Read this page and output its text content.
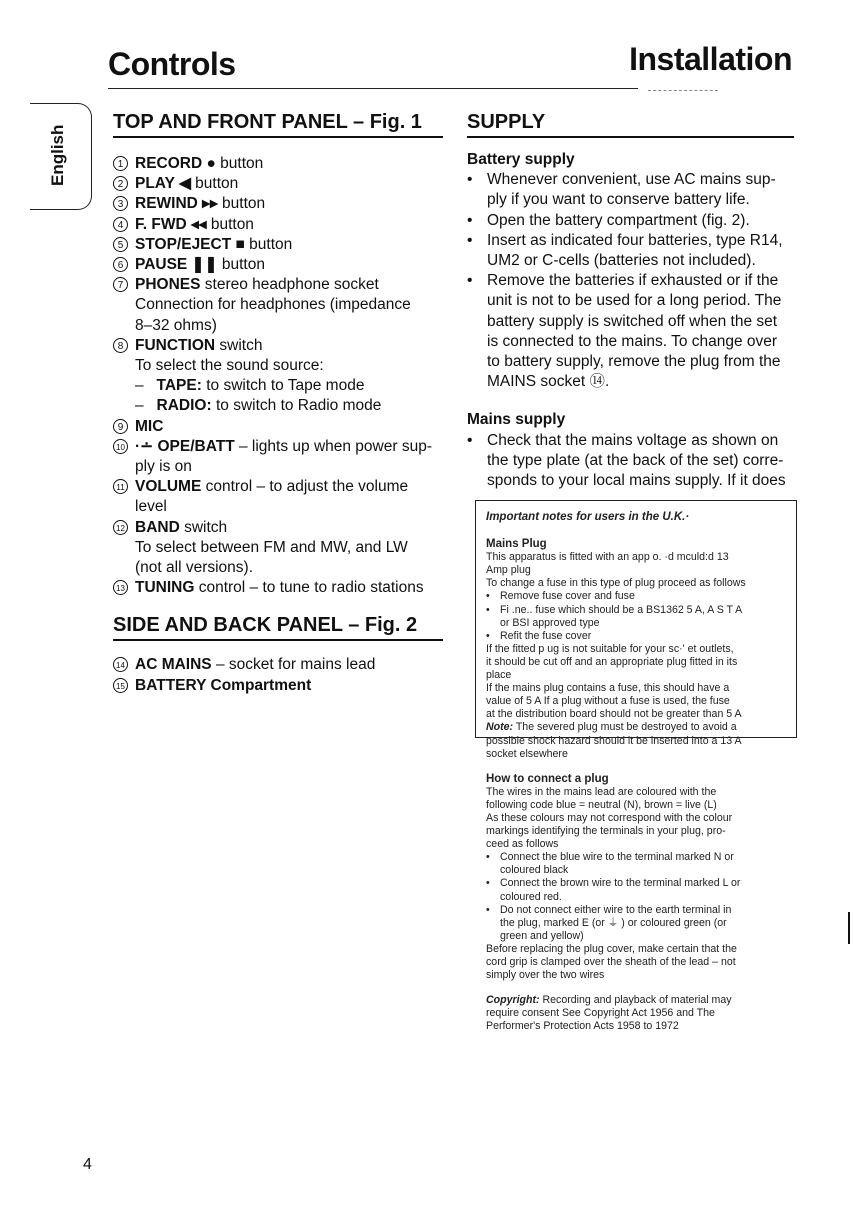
Controls	Installation
English
TOP AND FRONT PANEL – Fig. 1
1 RECORD ● button
2 PLAY ◀ button
3 REWIND ▸▸ button
4 F. FWD ◂◂ button
5 STOP/EJECT ■ button
6 PAUSE ❚❚ button
7 PHONES stereo headphone socket
Connection for headphones (impedance
8–32 ohms)
8 FUNCTION switch
To select the sound source:
–   TAPE: to switch to Tape mode
–   RADIO: to switch to Radio mode
9 MIC
10 ·∸ OPE/BATT – lights up when power sup-
ply is on
11 VOLUME control – to adjust the volume
level
12 BAND switch
To select between FM and MW, and LW
(not all versions).
13 TUNING control – to tune to radio stations
SIDE AND BACK PANEL – Fig. 2
14 AC MAINS – socket for mains lead
15 BATTERY Compartment
SUPPLY
Battery supply
• Whenever convenient, use AC mains sup-
ply if you want to conserve battery life.
• Open the battery compartment (fig. 2).
• Insert as indicated four batteries, type R14,
UM2 or C-cells (batteries not included).
• Remove the batteries if exhausted or if the
unit is not to be used for a long period. The
battery supply is switched off when the set
is connected to the mains. To change over
to battery supply, remove the plug from the
MAINS socket ⑭.
Mains supply
• Check that the mains voltage as shown on
the type plate (at the back of the set) corre-
sponds to your local mains supply. If it does
Important notes for users in the U.K.·
Mains Plug
This apparatus is fitted with an app o. ·d mculd:d 13
Amp plug
To change a fuse in this type of plug proceed as follows
• Remove fuse cover and fuse
• Fi .ne.. fuse which should be a BS1362 5 A, A S T A
or BSI approved type
• Refit the fuse cover
If the fitted p ug is not suitable for your sc·' et outlets,
it should be cut off and an appropriate plug fitted in its
place
If the mains plug contains a fuse, this should have a
value of 5 A If a plug without a fuse is used, the fuse
at the distribution board should not be greater than 5 A
Note: The severed plug must be destroyed to avoid a
possible shock hazard should it be inserted into a 13 A
socket elsewhere
How to connect a plug
The wires in the mains lead are coloured with the
following code blue = neutral (N), brown = live (L)
As these colours may not correspond with the colour
markings identifying the terminals in your plug, pro-
ceed as follows
• Connect the blue wire to the terminal marked N or
coloured black
• Connect the brown wire to the terminal marked L or
coloured red.
• Do not connect either wire to the earth terminal in
the plug, marked E (or ⏚ ) or coloured green (or
green and yellow)
Before replacing the plug cover, make certain that the
cord grip is clamped over the sheath of the lead – not
simply over the two wires
Copyright: Recording and playback of material may
require consent See Copyright Act 1956 and The
Performer's Protection Acts 1958 to 1972
4
